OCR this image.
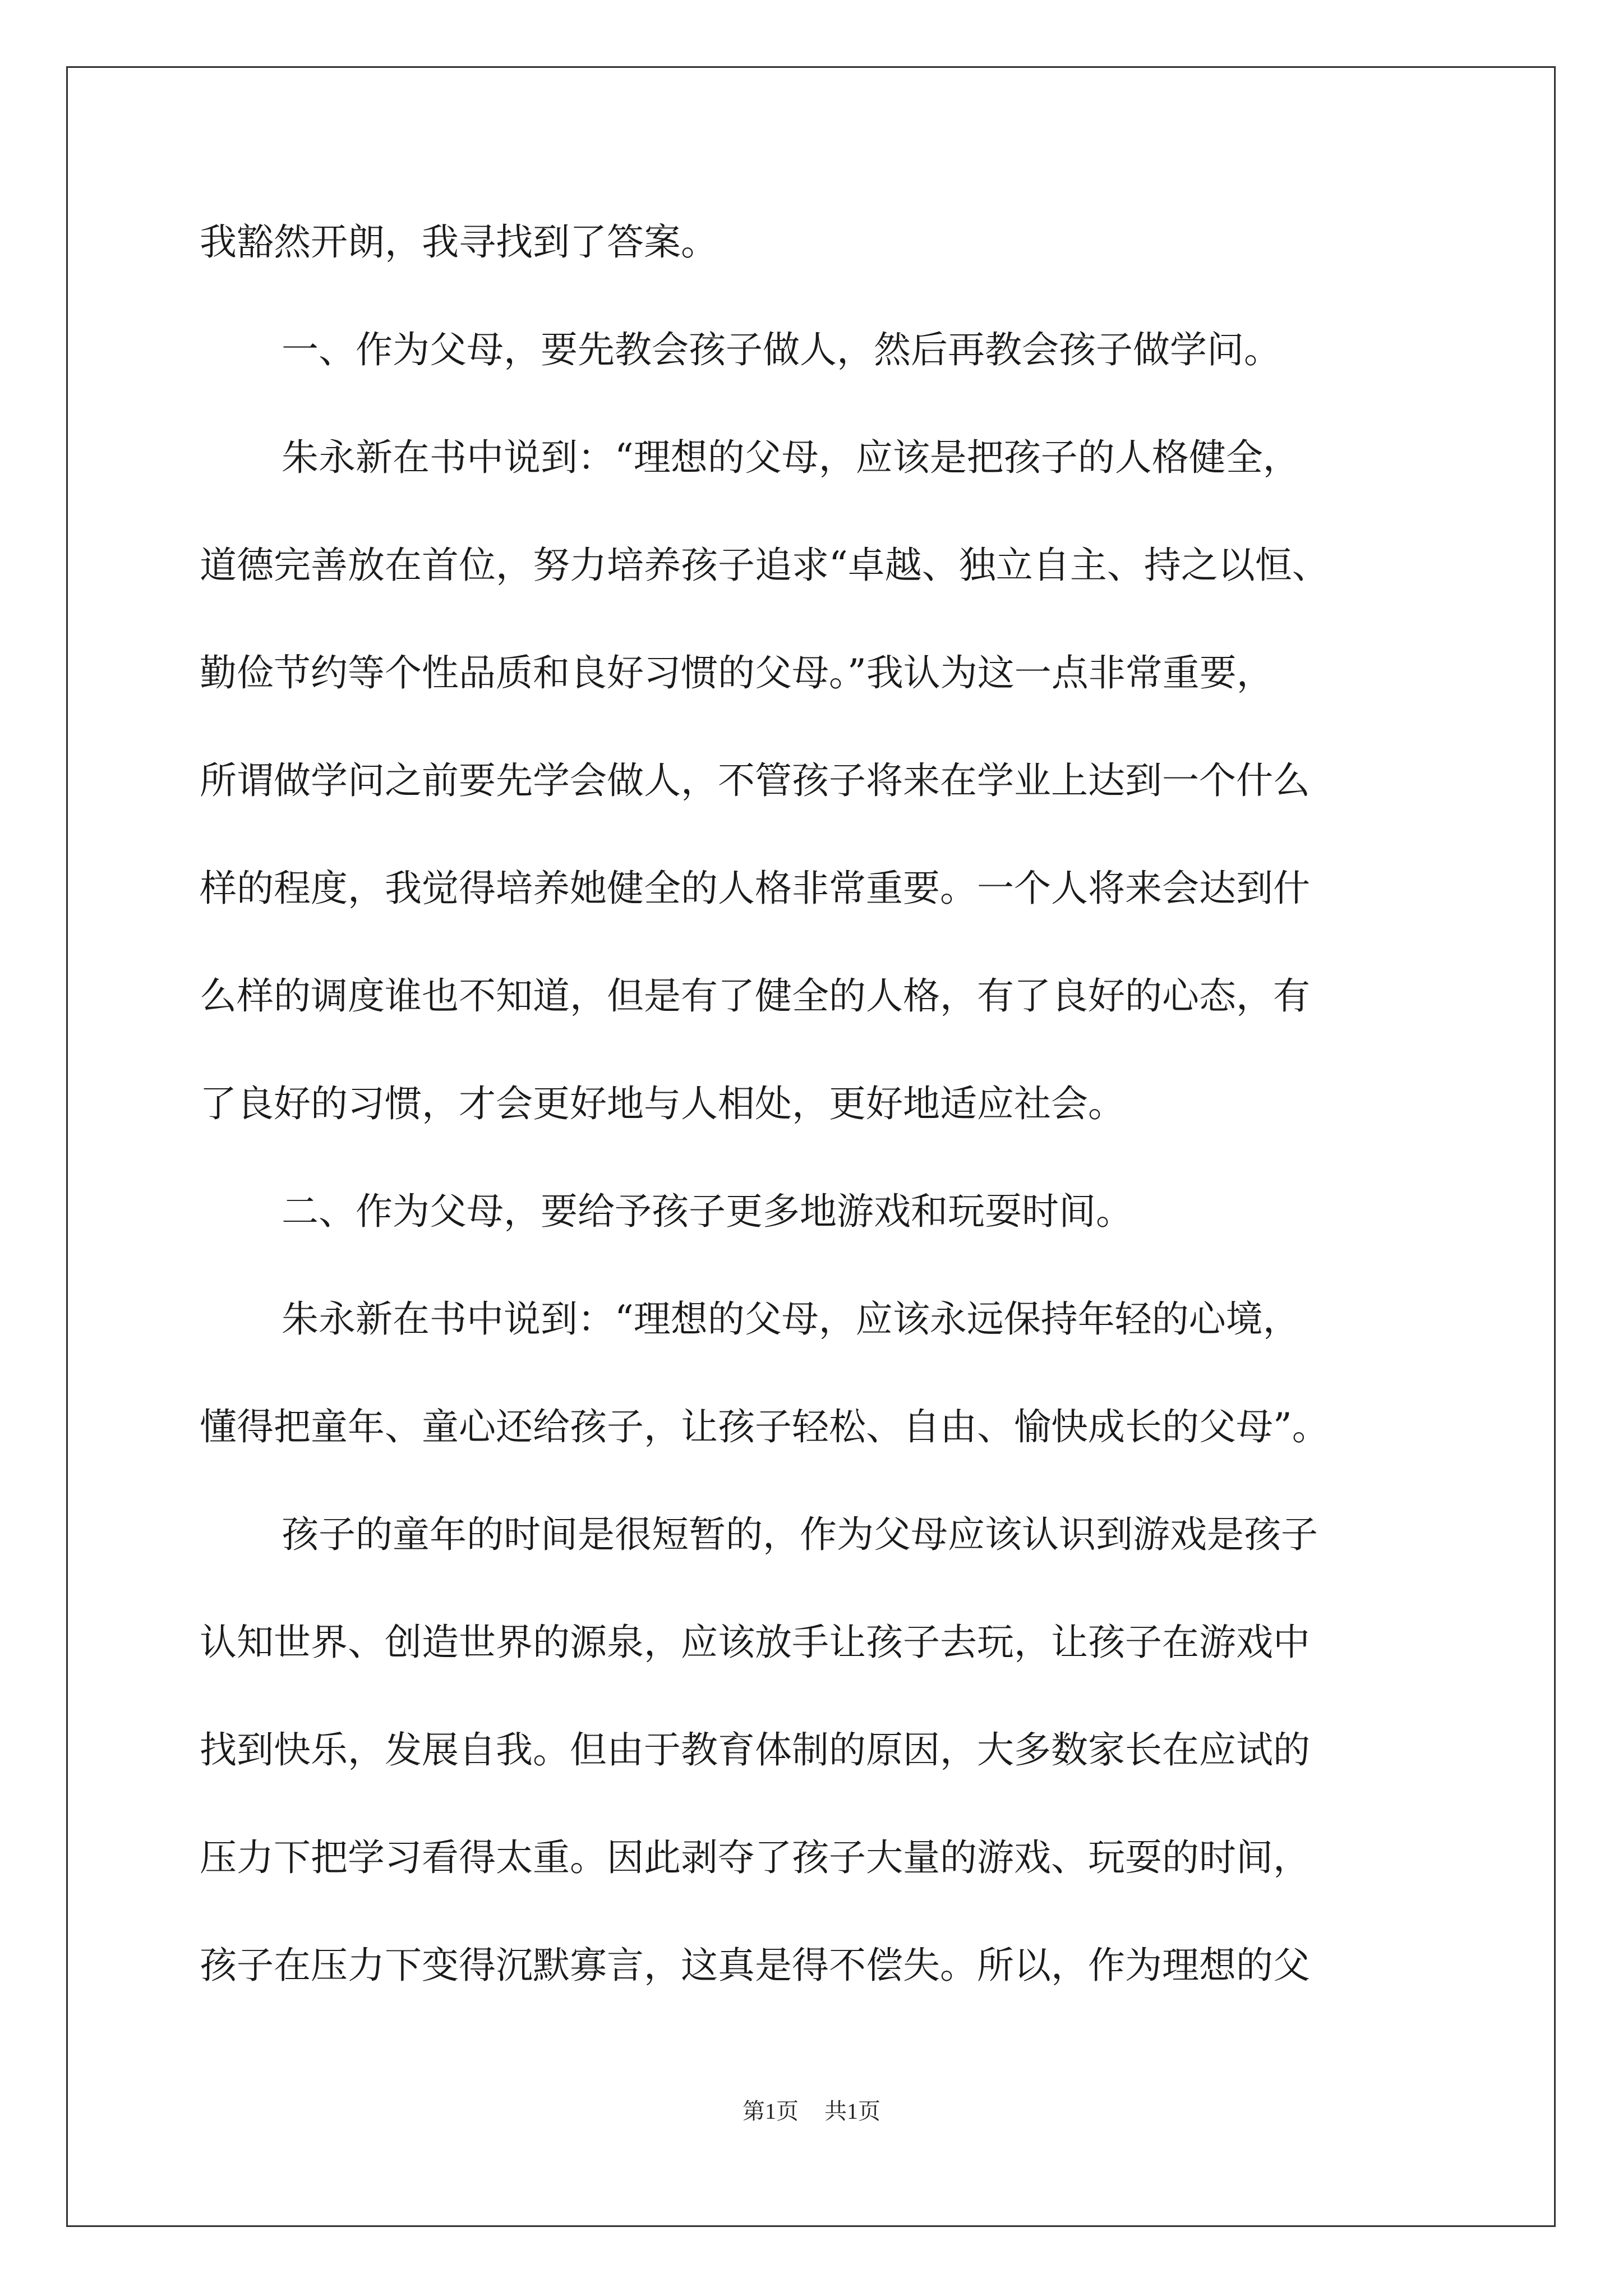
我豁然开朗，我寻找到了答案。
一、作为父母，要先教会孩子做人，然后再教会孩子做学问。
朱永新在书中说到：“理想的父母，应该是把孩子的人格健全，
道德完善放在首位，努力培养孩子追求“卓越、独立自主、持之以恒、
勤俭节约等个性品质和良好习惯的父母。”我认为这一点非常重要，
所谓做学问之前要先学会做人，不管孩子将来在学业上达到一个什么
样的程度，我觉得培养她健全的人格非常重要。一个人将来会达到什
么样的调度谁也不知道，但是有了健全的人格，有了良好的心态，有
了良好的习惯，才会更好地与人相处，更好地适应社会。
二、作为父母，要给予孩子更多地游戏和玩耍时间。
朱永新在书中说到：“理想的父母，应该永远保持年轻的心境，
懂得把童年、童心还给孩子，让孩子轻松、自由、愉快成长的父母”。
孩子的童年的时间是很短暂的，作为父母应该认识到游戏是孩子
认知世界、创造世界的源泉，应该放手让孩子去玩，让孩子在游戏中
找到快乐，发展自我。但由于教育体制的原因，大多数家长在应试的
压力下把学习看得太重。因此剥夺了孩子大量的游戏、玩耍的时间，
孩子在压力下变得沉默寡言，这真是得不偿失。所以，作为理想的父
第1页 共1页
